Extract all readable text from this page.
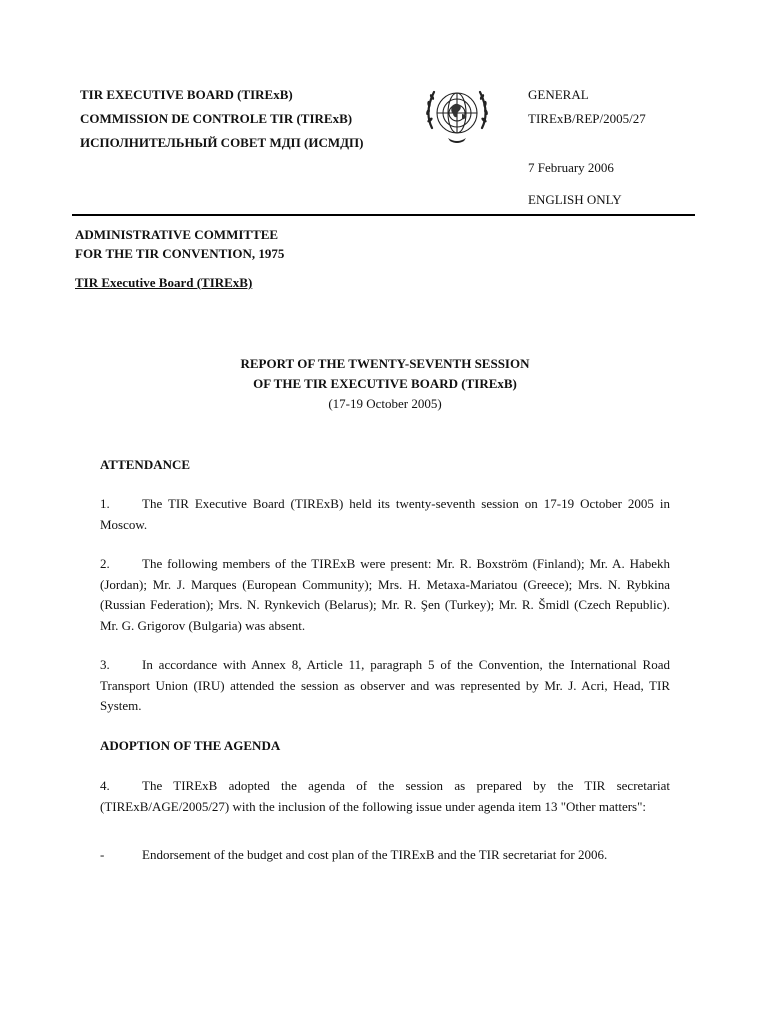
TIR EXECUTIVE BOARD (TIRExB)
COMMISSION DE CONTROLE TIR (TIRExB)
ИСПОЛНИТЕЛЬНЫЙ СОВЕТ МДП (ИСМДП)
GENERAL
TIRExB/REP/2005/27
7 February 2006
ENGLISH ONLY
ADMINISTRATIVE COMMITTEE
FOR THE TIR CONVENTION, 1975
TIR Executive Board (TIRExB)
REPORT OF THE TWENTY-SEVENTH SESSION
OF THE TIR EXECUTIVE BOARD (TIRExB)
(17-19 October 2005)
ATTENDANCE
1. The TIR Executive Board (TIRExB) held its twenty-seventh session on 17-19 October 2005 in Moscow.
2. The following members of the TIRExB were present: Mr. R. Boxström (Finland); Mr. A. Habekh (Jordan); Mr. J. Marques (European Community); Mrs. H. Metaxa-Mariatou (Greece); Mrs. N. Rybkina (Russian Federation); Mrs. N. Rynkevich (Belarus); Mr. R. Şen (Turkey); Mr. R. Šmidl (Czech Republic). Mr. G. Grigorov (Bulgaria) was absent.
3. In accordance with Annex 8, Article 11, paragraph 5 of the Convention, the International Road Transport Union (IRU) attended the session as observer and was represented by Mr. J. Acri, Head, TIR System.
ADOPTION OF THE AGENDA
4. The TIRExB adopted the agenda of the session as prepared by the TIR secretariat (TIRExB/AGE/2005/27) with the inclusion of the following issue under agenda item 13 "Other matters":
-	Endorsement of the budget and cost plan of the TIRExB and the TIR secretariat for 2006.
